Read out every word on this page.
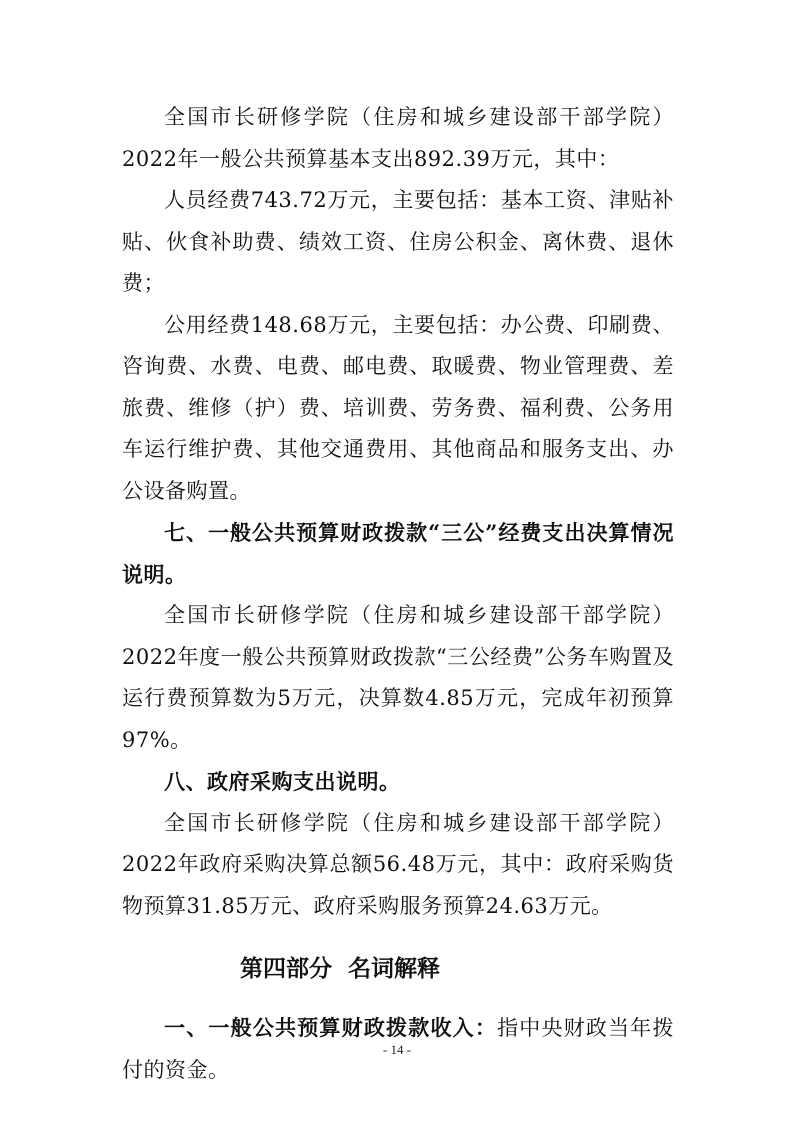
全国市长研修学院（住房和城乡建设部干部学院）2022年一般公共预算基本支出892.39万元，其中：

人员经费743.72万元，主要包括：基本工资、津贴补贴、伙食补助费、绩效工资、住房公积金、离休费、退休费；

公用经费148.68万元，主要包括：办公费、印刷费、咨询费、水费、电费、邮电费、取暖费、物业管理费、差旅费、维修（护）费、培训费、劳务费、福利费、公务用车运行维护费、其他交通费用、其他商品和服务支出、办公设备购置。

七、一般公共预算财政拨款“三公”经费支出决算情况说明。

全国市长研修学院（住房和城乡建设部干部学院）2022年度一般公共预算财政拨款“三公经费”公务车购置及运行费预算数为5万元，决算数4.85万元，完成年初预算97%。

八、政府采购支出说明。

全国市长研修学院（住房和城乡建设部干部学院）2022年政府采购决算总额56.48万元，其中：政府采购货物预算31.85万元、政府采购服务预算24.63万元。

第四部分  名词解释

一、一般公共预算财政拨款收入：指中央财政当年拨付的资金。

- 14 -
